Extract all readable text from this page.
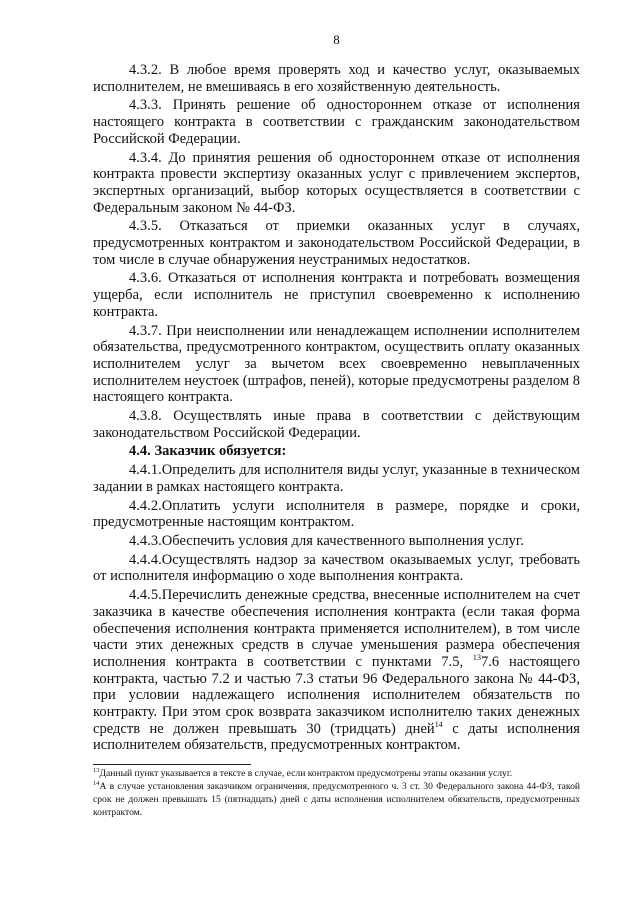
8

4.3.2. В любое время проверять ход и качество услуг, оказываемых исполнителем, не вмешиваясь в его хозяйственную деятельность.

4.3.3. Принять решение об одностороннем отказе от исполнения настоящего контракта в соответствии с гражданским законодательством Российской Федерации.

4.3.4. До принятия решения об одностороннем отказе от исполнения контракта провести экспертизу оказанных услуг с привлечением экспертов, экспертных организаций, выбор которых осуществляется в соответствии с Федеральным законом № 44-ФЗ.

4.3.5. Отказаться от приемки оказанных услуг в случаях, предусмотренных контрактом и законодательством Российской Федерации, в том числе в случае обнаружения неустранимых недостатков.

4.3.6. Отказаться от исполнения контракта и потребовать возмещения ущерба, если исполнитель не приступил своевременно к исполнению контракта.

4.3.7. При неисполнении или ненадлежащем исполнении исполнителем обязательства, предусмотренного контрактом, осуществить оплату оказанных исполнителем услуг за вычетом всех своевременно невыплаченных исполнителем неустоек (штрафов, пеней), которые предусмотрены разделом 8 настоящего контракта.

4.3.8. Осуществлять иные права в соответствии с действующим законодательством Российской Федерации.

4.4. Заказчик обязуется:

4.4.1.Определить для исполнителя виды услуг, указанные в техническом задании в рамках настоящего контракта.

4.4.2.Оплатить услуги исполнителя в размере, порядке и сроки, предусмотренные настоящим контрактом.

4.4.3.Обеспечить условия для качественного выполнения услуг.

4.4.4.Осуществлять надзор за качеством оказываемых услуг, требовать от исполнителя информацию о ходе выполнения контракта.

4.4.5.Перечислить денежные средства, внесенные исполнителем на счет заказчика в качестве обеспечения исполнения контракта (если такая форма обеспечения исполнения контракта применяется исполнителем), в том числе части этих денежных средств в случае уменьшения размера обеспечения исполнения контракта в соответствии с пунктами 7.5, $^{13}$7.6 настоящего контракта, частью 7.2 и частью 7.3 статьи 96 Федерального закона № 44-ФЗ, при условии надлежащего исполнения исполнителем обязательств по контракту. При этом срок возврата заказчиком исполнителю таких денежных средств не должен превышать 30 (тридцать) дней$^{14}$ с даты исполнения исполнителем обязательств, предусмотренных контрактом.

$^{13}$Данный пункт указывается в тексте в случае, если контрактом предусмотрены этапы оказания услуг.

$^{14}$А в случае установления заказчиком ограничения, предусмотренного ч. 3 ст. 30 Федерального закона 44-ФЗ, такой срок не должен превышать 15 (пятнадцать) дней с даты исполнения исполнителем обязательств, предусмотренных контрактом.
